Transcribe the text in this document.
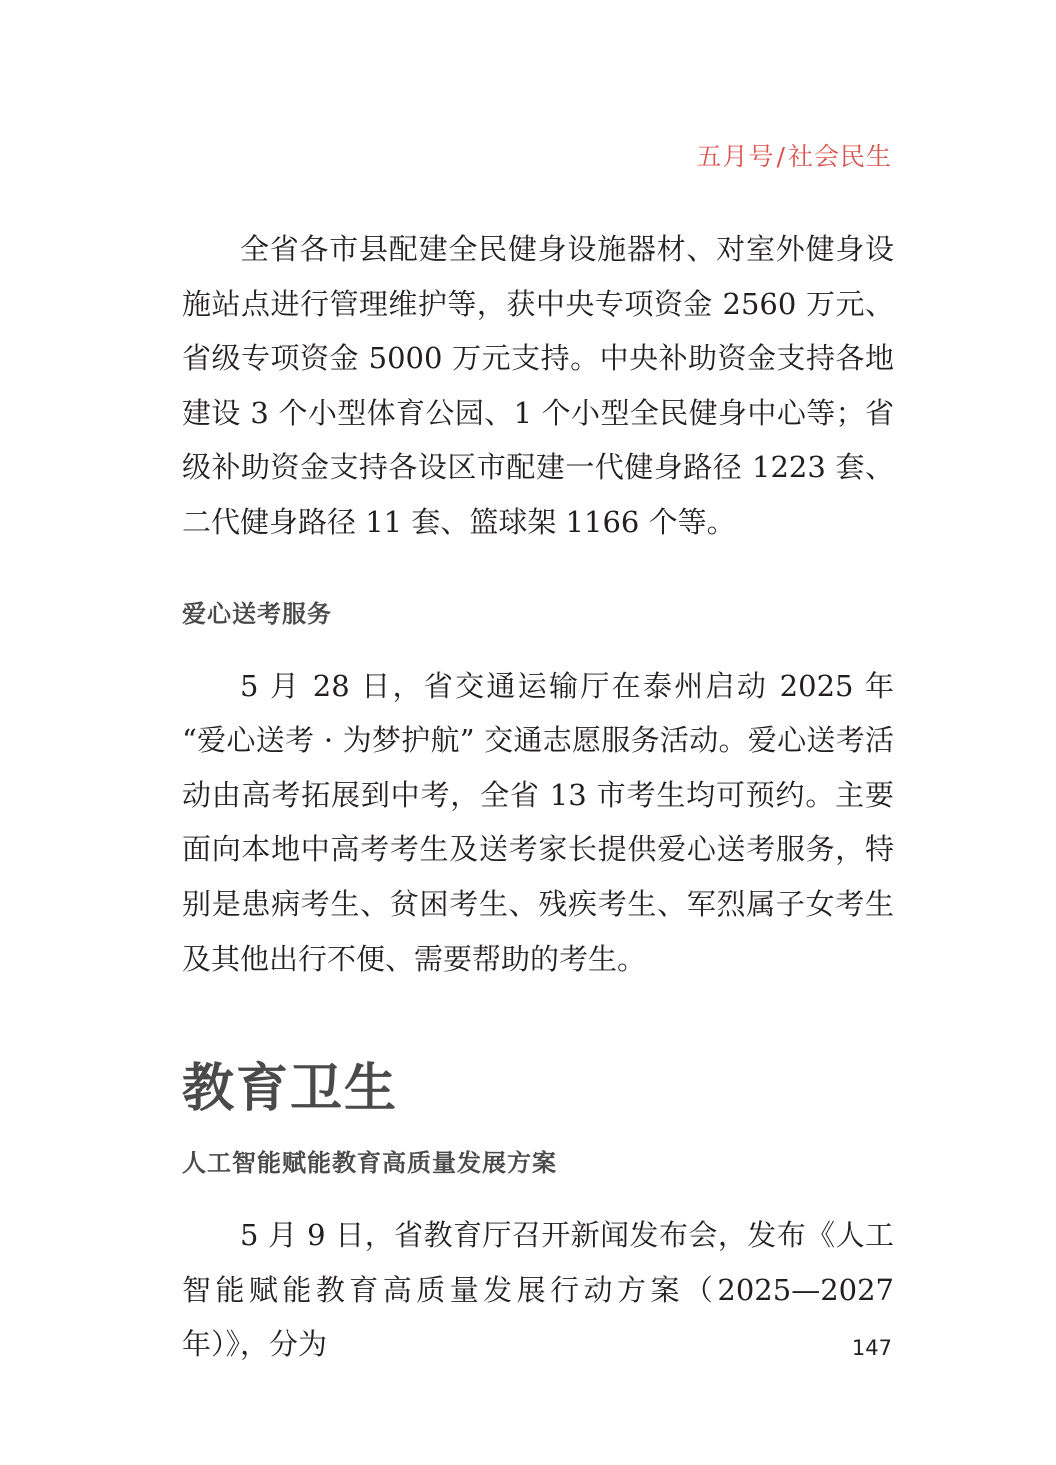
五月号/社会民生

全省各市县配建全民健身设施器材、对室外健身设施站点进行管理维护等，获中央专项资金 2560 万元、省级专项资金 5000 万元支持。中央补助资金支持各地建设 3 个小型体育公园、1 个小型全民健身中心等；省级补助资金支持各设区市配建一代健身路径 1223 套、二代健身路径 11 套、篮球架 1166 个等。

爱心送考服务

5 月 28 日，省交通运输厅在泰州启动 2025 年 “爱心送考 · 为梦护航” 交通志愿服务活动。爱心送考活动由高考拓展到中考，全省 13 市考生均可预约。主要面向本地中高考考生及送考家长提供爱心送考服务，特别是患病考生、贫困考生、残疾考生、军烈属子女考生及其他出行不便、需要帮助的考生。

教育卫生
人工智能赋能教育高质量发展方案

5 月 9 日，省教育厅召开新闻发布会，发布《人工智能赋能教育高质量发展行动方案（2025—2027 年）》，分为	147
